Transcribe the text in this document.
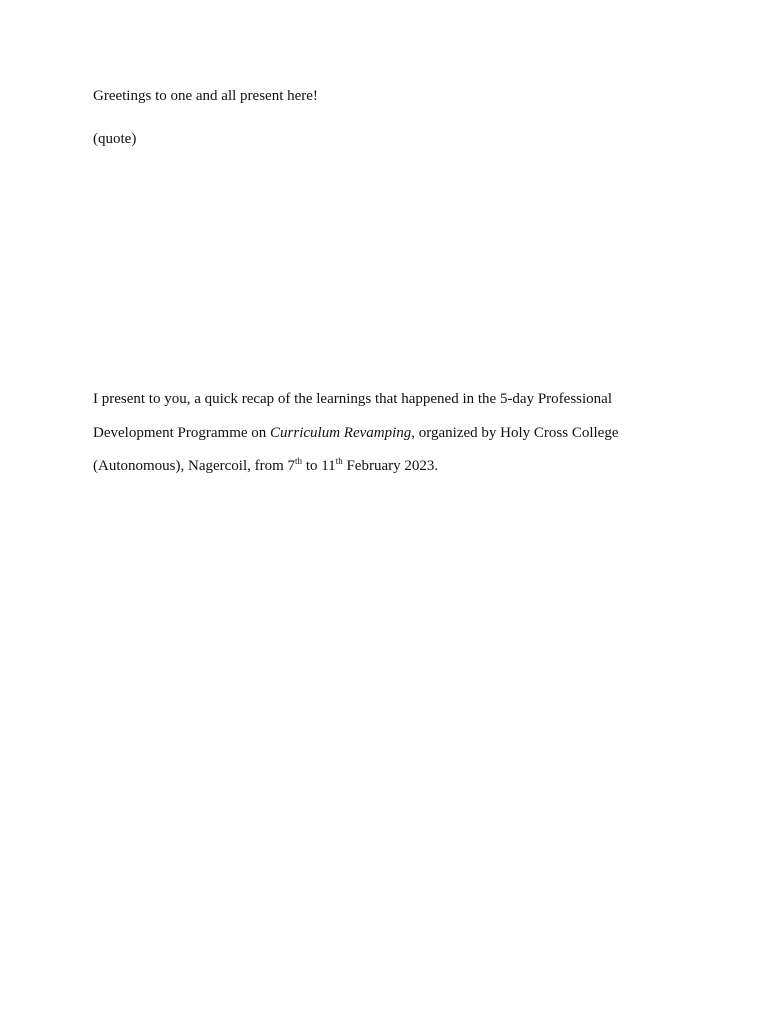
Greetings to one and all present here!
(quote)
I present to you, a quick recap of the learnings that happened in the 5-day Professional
Development Programme on Curriculum Revamping, organized by Holy Cross College
(Autonomous), Nagercoil, from 7th to 11th February 2023.
